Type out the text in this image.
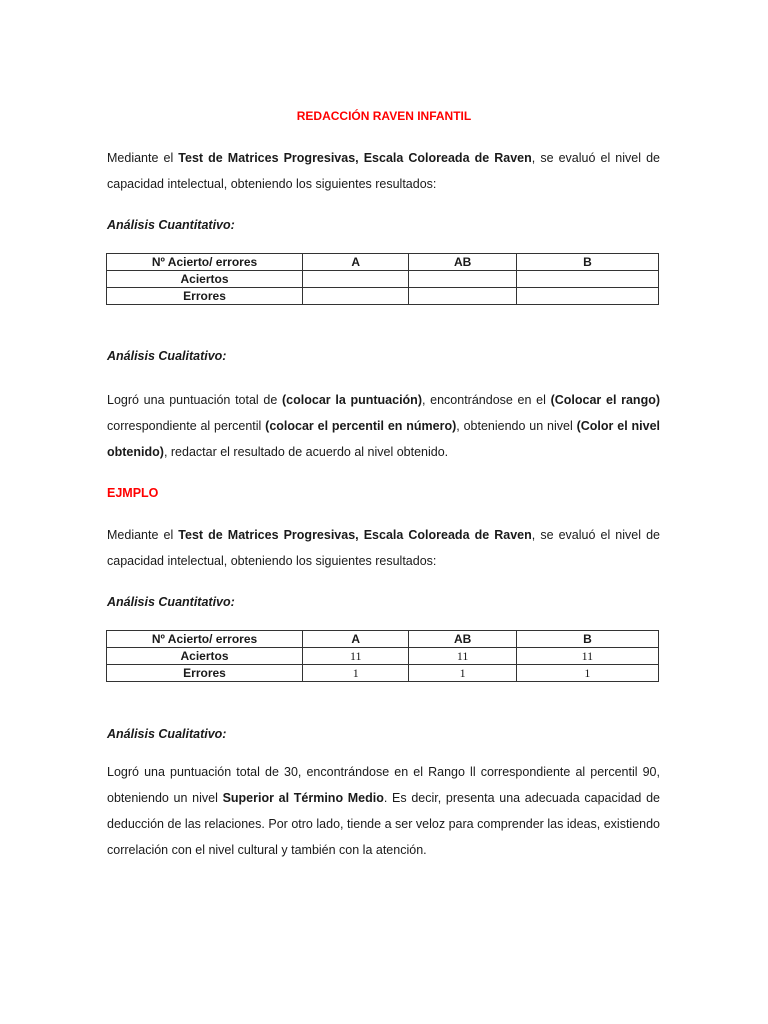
REDACCIÓN RAVEN INFANTIL
Mediante el Test de Matrices Progresivas, Escala Coloreada de Raven, se evaluó el nivel de capacidad intelectual, obteniendo los siguientes resultados:
Análisis Cuantitativo:
Nº Acierto/ errores	A	AB	B
Aciertos			
Errores			
Análisis Cualitativo:
Logró una puntuación total de (colocar la puntuación), encontrándose en el (Colocar el rango) correspondiente al percentil (colocar el percentil en número), obteniendo un nivel (Color el nivel obtenido), redactar el resultado de acuerdo al nivel obtenido.
EJMPLO
Mediante el Test de Matrices Progresivas, Escala Coloreada de Raven, se evaluó el nivel de capacidad intelectual, obteniendo los siguientes resultados:
Análisis Cuantitativo:
Nº Acierto/ errores	A	AB	B
Aciertos	11	11	11
Errores	1	1	1
Análisis Cualitativo:
Logró una puntuación total de 30, encontrándose en el Rango ll correspondiente al percentil 90, obteniendo un nivel Superior al Término Medio. Es decir, presenta una adecuada capacidad de deducción de las relaciones. Por otro lado, tiende a ser veloz para comprender las ideas, existiendo correlación con el nivel cultural y también con la atención.
